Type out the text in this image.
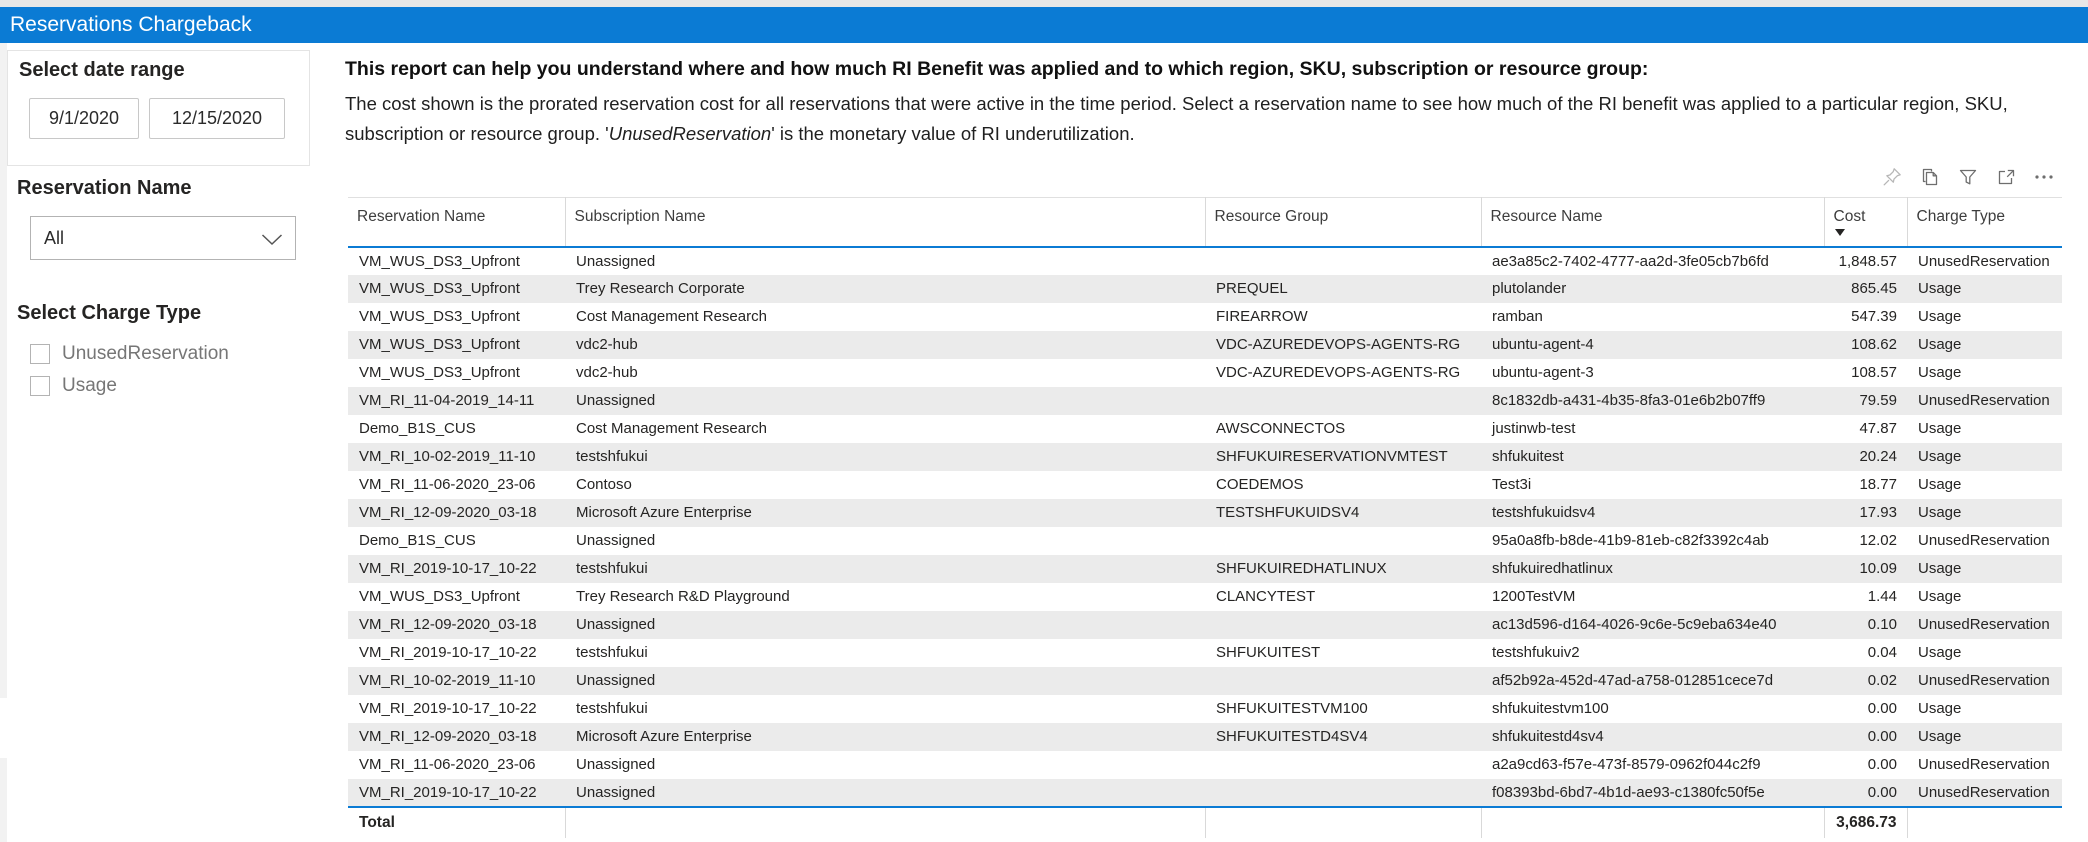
Reservations Chargeback
Select date range
9/1/2020
12/15/2020
Reservation Name
All
Select Charge Type
UnusedReservation
Usage
This report can help you understand where and how much RI Benefit was applied and to which region, SKU, subscription or resource group:
The cost shown is the prorated reservation cost for all reservations that were active in the time period. Select a reservation name to see how much of the RI benefit was applied to a particular region, SKU, subscription or resource group. 'UnusedReservation' is the monetary value of RI underutilization.
Reservation Name	Subscription Name	Resource Group	Resource Name	Cost	Charge Type
VM_WUS_DS3_Upfront	Unassigned		ae3a85c2-7402-4777-aa2d-3fe05cb7b6fd	1,848.57	UnusedReservation
VM_WUS_DS3_Upfront	Trey Research Corporate	PREQUEL	plutolander	865.45	Usage
VM_WUS_DS3_Upfront	Cost Management Research	FIREARROW	ramban	547.39	Usage
VM_WUS_DS3_Upfront	vdc2-hub	VDC-AZUREDEVOPS-AGENTS-RG	ubuntu-agent-4	108.62	Usage
VM_WUS_DS3_Upfront	vdc2-hub	VDC-AZUREDEVOPS-AGENTS-RG	ubuntu-agent-3	108.57	Usage
VM_RI_11-04-2019_14-11	Unassigned		8c1832db-a431-4b35-8fa3-01e6b2b07ff9	79.59	UnusedReservation
Demo_B1S_CUS	Cost Management Research	AWSCONNECTOS	justinwb-test	47.87	Usage
VM_RI_10-02-2019_11-10	testshfukui	SHFUKUIRESERVATIONVMTEST	shfukuitest	20.24	Usage
VM_RI_11-06-2020_23-06	Contoso	COEDEMOS	Test3i	18.77	Usage
VM_RI_12-09-2020_03-18	Microsoft Azure Enterprise	TESTSHFUKUIDSV4	testshfukuidsv4	17.93	Usage
Demo_B1S_CUS	Unassigned		95a0a8fb-b8de-41b9-81eb-c82f3392c4ab	12.02	UnusedReservation
VM_RI_2019-10-17_10-22	testshfukui	SHFUKUIREDHATLINUX	shfukuiredhatlinux	10.09	Usage
VM_WUS_DS3_Upfront	Trey Research R&D Playground	CLANCYTEST	1200TestVM	1.44	Usage
VM_RI_12-09-2020_03-18	Unassigned		ac13d596-d164-4026-9c6e-5c9eba634e40	0.10	UnusedReservation
VM_RI_2019-10-17_10-22	testshfukui	SHFUKUITEST	testshfukuiv2	0.04	Usage
VM_RI_10-02-2019_11-10	Unassigned		af52b92a-452d-47ad-a758-012851cece7d	0.02	UnusedReservation
VM_RI_2019-10-17_10-22	testshfukui	SHFUKUITESTVM100	shfukuitestvm100	0.00	Usage
VM_RI_12-09-2020_03-18	Microsoft Azure Enterprise	SHFUKUITESTD4SV4	shfukuitestd4sv4	0.00	Usage
VM_RI_11-06-2020_23-06	Unassigned		a2a9cd63-f57e-473f-8579-0962f044c2f9	0.00	UnusedReservation
VM_RI_2019-10-17_10-22	Unassigned		f08393bd-6bd7-4b1d-ae93-c1380fc50f5e	0.00	UnusedReservation
Total				3,686.73	
